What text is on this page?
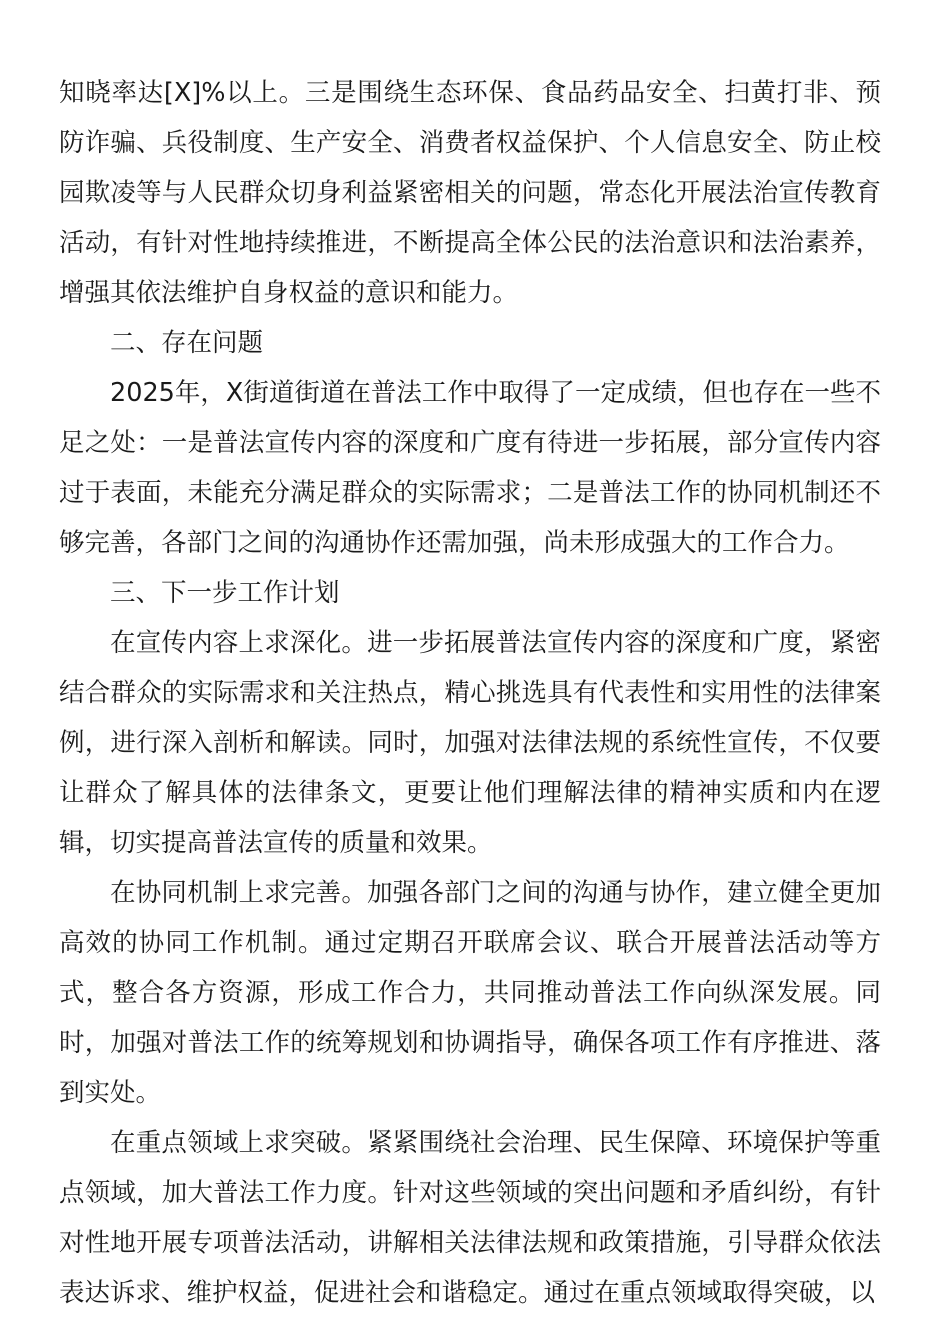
知晓率达[X]%以上。三是围绕生态环保、食品药品安全、扫黄打非、预防诈骗、兵役制度、生产安全、消费者权益保护、个人信息安全、防止校园欺凌等与人民群众切身利益紧密相关的问题，常态化开展法治宣传教育活动，有针对性地持续推进，不断提高全体公民的法治意识和法治素养，增强其依法维护自身权益的意识和能力。

二、存在问题

2025年，X街道街道在普法工作中取得了一定成绩，但也存在一些不足之处：一是普法宣传内容的深度和广度有待进一步拓展，部分宣传内容过于表面，未能充分满足群众的实际需求；二是普法工作的协同机制还不够完善，各部门之间的沟通协作还需加强，尚未形成强大的工作合力。

三、下一步工作计划

在宣传内容上求深化。进一步拓展普法宣传内容的深度和广度，紧密结合群众的实际需求和关注热点，精心挑选具有代表性和实用性的法律案例，进行深入剖析和解读。同时，加强对法律法规的系统性宣传，不仅要让群众了解具体的法律条文，更要让他们理解法律的精神实质和内在逻辑，切实提高普法宣传的质量和效果。

在协同机制上求完善。加强各部门之间的沟通与协作，建立健全更加高效的协同工作机制。通过定期召开联席会议、联合开展普法活动等方式，整合各方资源，形成工作合力，共同推动普法工作向纵深发展。同时，加强对普法工作的统筹规划和协调指导，确保各项工作有序推进、落到实处。

在重点领域上求突破。紧紧围绕社会治理、民生保障、环境保护等重点领域，加大普法工作力度。针对这些领域的突出问题和矛盾纠纷，有针对性地开展专项普法活动，讲解相关法律法规和政策措施，引导群众依法表达诉求、维护权益，促进社会和谐稳定。通过在重点领域取得突破，以
